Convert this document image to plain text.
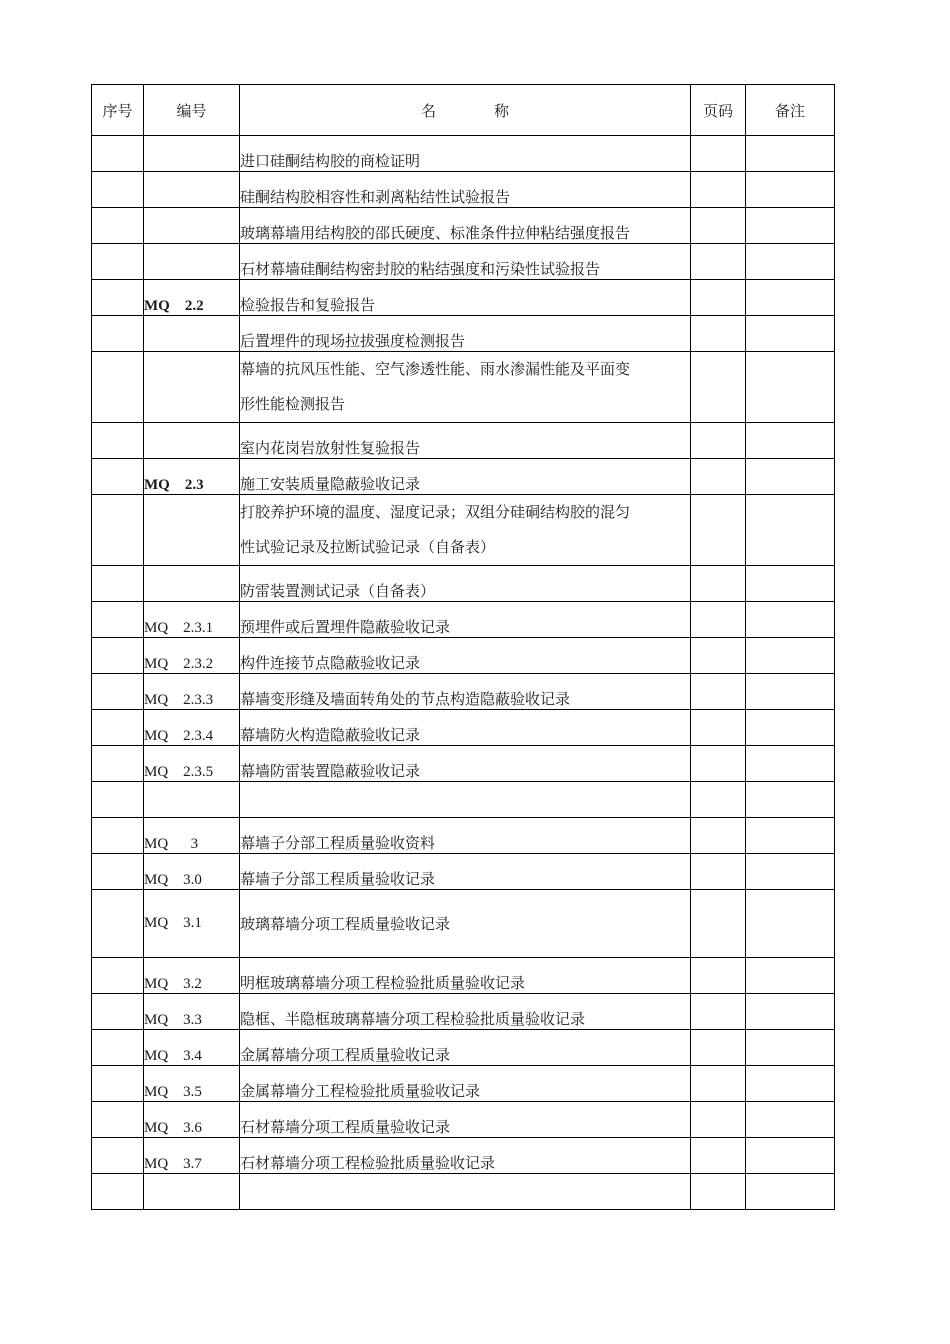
序号	编号	名 称	页码	备注
		进口硅酮结构胶的商检证明		
		硅酮结构胶相容性和剥离粘结性试验报告		
		玻璃幕墙用结构胶的邵氏硬度、标准条件拉伸粘结强度报告		
		石材幕墙硅酮结构密封胶的粘结强度和污染性试验报告		
	MQ    2.2	检验报告和复验报告		
		后置埋件的现场拉拔强度检测报告		

		幕墙的抗风压性能、空气渗透性能、雨水渗漏性能及平面变
形性能检测报告		

		室内花岗岩放射性复验报告		
	MQ    2.3	施工安装质量隐蔽验收记录		

		打胶养护环境的温度、湿度记录；双组分硅硐结构胶的混匀
性试验记录及拉断试验记录（自备表）		

		防雷装置测试记录（自备表）		
	MQ    2.3.1	预埋件或后置埋件隐蔽验收记录		
	MQ    2.3.2	构件连接节点隐蔽验收记录		
	MQ    2.3.3	幕墙变形缝及墙面转角处的节点构造隐蔽验收记录		
	MQ    2.3.4	幕墙防火构造隐蔽验收记录		
	MQ    2.3.5	幕墙防雷装置隐蔽验收记录		

	MQ      3	幕墙子分部工程质量验收资料		
	MQ    3.0	幕墙子分部工程质量验收记录		
	MQ    3.1	玻璃幕墙分项工程质量验收记录		
	MQ    3.2	明框玻璃幕墙分项工程检验批质量验收记录		
	MQ    3.3	隐框、半隐框玻璃幕墙分项工程检验批质量验收记录		
	MQ    3.4	金属幕墙分项工程质量验收记录		
	MQ    3.5	金属幕墙分工程检验批质量验收记录		
	MQ    3.6	石材幕墙分项工程质量验收记录		
	MQ    3.7	石材幕墙分项工程检验批质量验收记录		
